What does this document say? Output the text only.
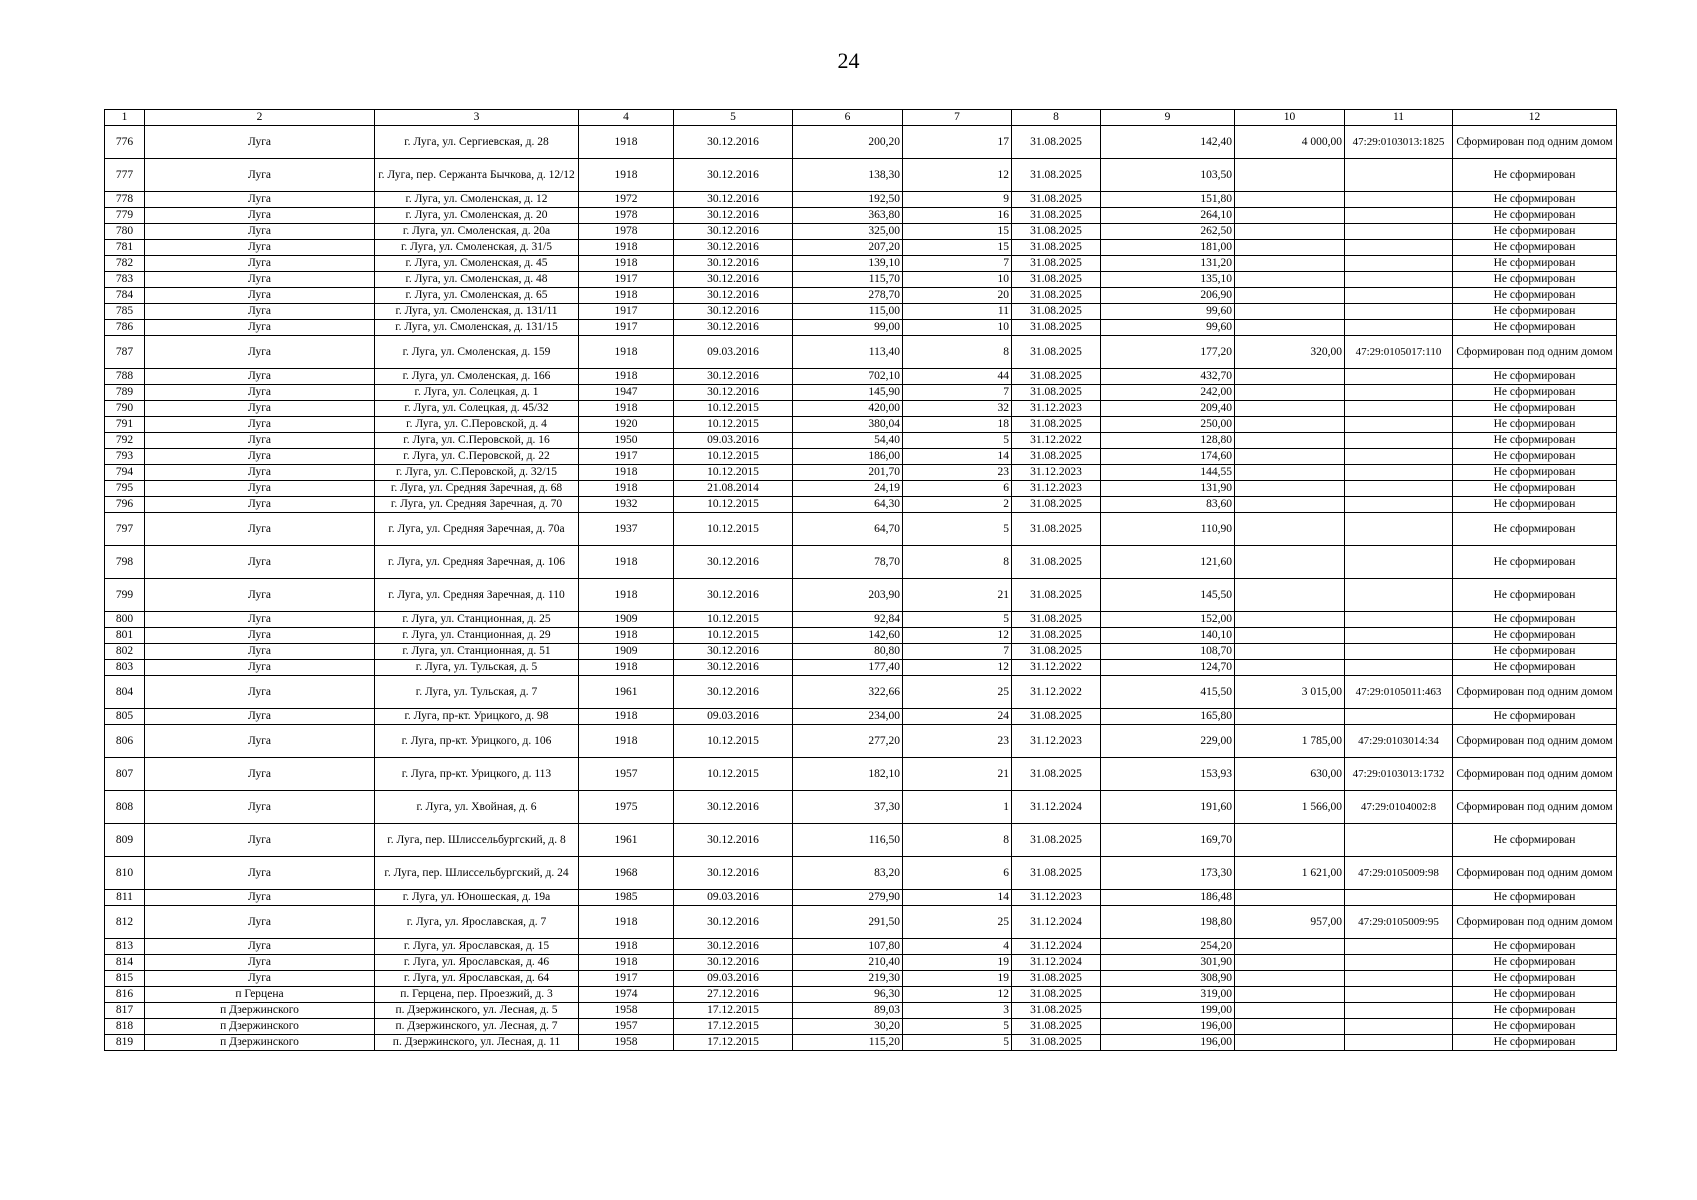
24
1	2	3	4	5	6	7	8	9	10	11	12
776	Луга	г. Луга, ул. Сергиевская, д. 28	1918	30.12.2016	200,20	17	31.08.2025	142,40	4 000,00	47:29:0103013:1825	Сформирован под одним домом
777	Луга	г. Луга, пер. Сержанта Бычкова, д. 12/12	1918	30.12.2016	138,30	12	31.08.2025	103,50			Не сформирован
778	Луга	г. Луга, ул. Смоленская, д. 12	1972	30.12.2016	192,50	9	31.08.2025	151,80			Не сформирован
779	Луга	г. Луга, ул. Смоленская, д. 20	1978	30.12.2016	363,80	16	31.08.2025	264,10			Не сформирован
780	Луга	г. Луга, ул. Смоленская, д. 20а	1978	30.12.2016	325,00	15	31.08.2025	262,50			Не сформирован
781	Луга	г. Луга, ул. Смоленская, д. 31/5	1918	30.12.2016	207,20	15	31.08.2025	181,00			Не сформирован
782	Луга	г. Луга, ул. Смоленская, д. 45	1918	30.12.2016	139,10	7	31.08.2025	131,20			Не сформирован
783	Луга	г. Луга, ул. Смоленская, д. 48	1917	30.12.2016	115,70	10	31.08.2025	135,10			Не сформирован
784	Луга	г. Луга, ул. Смоленская, д. 65	1918	30.12.2016	278,70	20	31.08.2025	206,90			Не сформирован
785	Луга	г. Луга, ул. Смоленская, д. 131/11	1917	30.12.2016	115,00	11	31.08.2025	99,60			Не сформирован
786	Луга	г. Луга, ул. Смоленская, д. 131/15	1917	30.12.2016	99,00	10	31.08.2025	99,60			Не сформирован
787	Луга	г. Луга, ул. Смоленская, д. 159	1918	09.03.2016	113,40	8	31.08.2025	177,20	320,00	47:29:0105017:110	Сформирован под одним домом
788	Луга	г. Луга, ул. Смоленская, д. 166	1918	30.12.2016	702,10	44	31.08.2025	432,70			Не сформирован
789	Луга	г. Луга, ул. Солецкая, д. 1	1947	30.12.2016	145,90	7	31.08.2025	242,00			Не сформирован
790	Луга	г. Луга, ул. Солецкая, д. 45/32	1918	10.12.2015	420,00	32	31.12.2023	209,40			Не сформирован
791	Луга	г. Луга, ул. С.Перовской, д. 4	1920	10.12.2015	380,04	18	31.08.2025	250,00			Не сформирован
792	Луга	г. Луга, ул. С.Перовской, д. 16	1950	09.03.2016	54,40	5	31.12.2022	128,80			Не сформирован
793	Луга	г. Луга, ул. С.Перовской, д. 22	1917	10.12.2015	186,00	14	31.08.2025	174,60			Не сформирован
794	Луга	г. Луга, ул. С.Перовской, д. 32/15	1918	10.12.2015	201,70	23	31.12.2023	144,55			Не сформирован
795	Луга	г. Луга, ул. Средняя Заречная, д. 68	1918	21.08.2014	24,19	6	31.12.2023	131,90			Не сформирован
796	Луга	г. Луга, ул. Средняя Заречная, д. 70	1932	10.12.2015	64,30	2	31.08.2025	83,60			Не сформирован
797	Луга	г. Луга, ул. Средняя Заречная, д. 70а	1937	10.12.2015	64,70	5	31.08.2025	110,90			Не сформирован
798	Луга	г. Луга, ул. Средняя Заречная, д. 106	1918	30.12.2016	78,70	8	31.08.2025	121,60			Не сформирован
799	Луга	г. Луга, ул. Средняя Заречная, д. 110	1918	30.12.2016	203,90	21	31.08.2025	145,50			Не сформирован
800	Луга	г. Луга, ул. Станционная, д. 25	1909	10.12.2015	92,84	5	31.08.2025	152,00			Не сформирован
801	Луга	г. Луга, ул. Станционная, д. 29	1918	10.12.2015	142,60	12	31.08.2025	140,10			Не сформирован
802	Луга	г. Луга, ул. Станционная, д. 51	1909	30.12.2016	80,80	7	31.08.2025	108,70			Не сформирован
803	Луга	г. Луга, ул. Тульская, д. 5	1918	30.12.2016	177,40	12	31.12.2022	124,70			Не сформирован
804	Луга	г. Луга, ул. Тульская, д. 7	1961	30.12.2016	322,66	25	31.12.2022	415,50	3 015,00	47:29:0105011:463	Сформирован под одним домом
805	Луга	г. Луга, пр-кт. Урицкого, д. 98	1918	09.03.2016	234,00	24	31.08.2025	165,80			Не сформирован
806	Луга	г. Луга, пр-кт. Урицкого, д. 106	1918	10.12.2015	277,20	23	31.12.2023	229,00	1 785,00	47:29:0103014:34	Сформирован под одним домом
807	Луга	г. Луга, пр-кт. Урицкого, д. 113	1957	10.12.2015	182,10	21	31.08.2025	153,93	630,00	47:29:0103013:1732	Сформирован под одним домом
808	Луга	г. Луга, ул. Хвойная, д. 6	1975	30.12.2016	37,30	1	31.12.2024	191,60	1 566,00	47:29:0104002:8	Сформирован под одним домом
809	Луга	г. Луга, пер. Шлиссельбургский, д. 8	1961	30.12.2016	116,50	8	31.08.2025	169,70			Не сформирован
810	Луга	г. Луга, пер. Шлиссельбургский, д. 24	1968	30.12.2016	83,20	6	31.08.2025	173,30	1 621,00	47:29:0105009:98	Сформирован под одним домом
811	Луга	г. Луга, ул. Юношеская, д. 19а	1985	09.03.2016	279,90	14	31.12.2023	186,48			Не сформирован
812	Луга	г. Луга, ул. Ярославская, д. 7	1918	30.12.2016	291,50	25	31.12.2024	198,80	957,00	47:29:0105009:95	Сформирован под одним домом
813	Луга	г. Луга, ул. Ярославская, д. 15	1918	30.12.2016	107,80	4	31.12.2024	254,20			Не сформирован
814	Луга	г. Луга, ул. Ярославская, д. 46	1918	30.12.2016	210,40	19	31.12.2024	301,90			Не сформирован
815	Луга	г. Луга, ул. Ярославская, д. 64	1917	09.03.2016	219,30	19	31.08.2025	308,90			Не сформирован
816	п Герцена	п. Герцена, пер. Проезжий, д. 3	1974	27.12.2016	96,30	12	31.08.2025	319,00			Не сформирован
817	п Дзержинского	п. Дзержинского, ул. Лесная, д. 5	1958	17.12.2015	89,03	3	31.08.2025	199,00			Не сформирован
818	п Дзержинского	п. Дзержинского, ул. Лесная, д. 7	1957	17.12.2015	30,20	5	31.08.2025	196,00			Не сформирован
819	п Дзержинского	п. Дзержинского, ул. Лесная, д. 11	1958	17.12.2015	115,20	5	31.08.2025	196,00			Не сформирован
